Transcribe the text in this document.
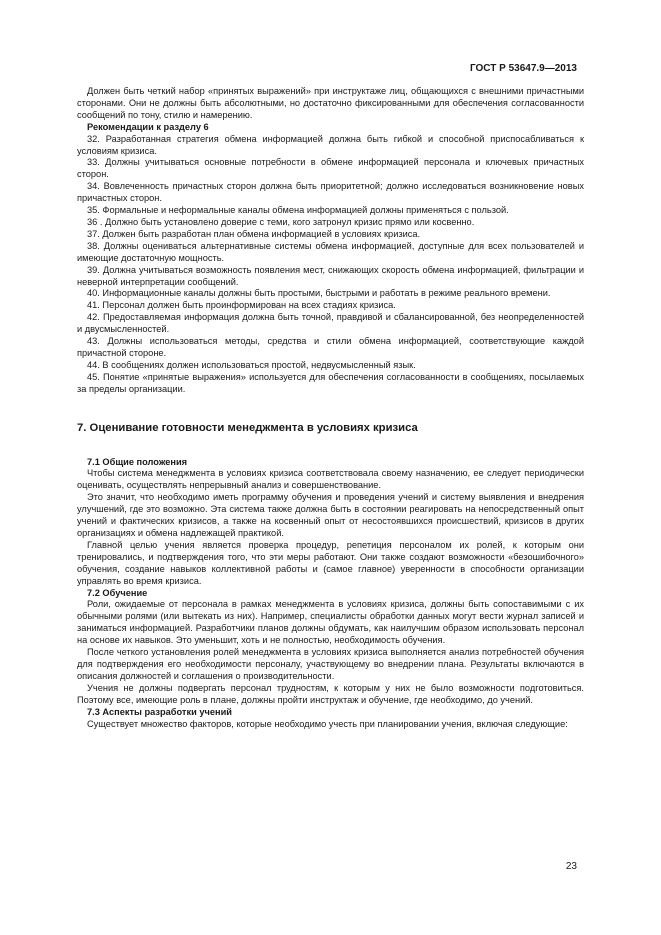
ГОСТ Р 53647.9—2013

Должен быть четкий набор «принятых выражений» при инструктаже лиц, общающихся с внешними причастными сторонами. Они не должны быть абсолютными, но достаточно фиксированными для обеспечения согласованности сообщений по тону, стилю и намерению.

Рекомендации к разделу 6

32. Разработанная стратегия обмена информацией должна быть гибкой и способной приспосабливаться к условиям кризиса.

33. Должны учитываться основные потребности в обмене информацией персонала и ключевых причастных сторон.

34. Вовлеченность причастных сторон должна быть приоритетной; должно исследоваться возникновение новых причастных сторон.

35. Формальные и неформальные каналы обмена информацией должны применяться с пользой.

36 . Должно быть установлено доверие с теми, кого затронул кризис прямо или косвенно.

37. Должен быть разработан план обмена информацией в условиях кризиса.

38. Должны оцениваться альтернативные системы обмена информацией, доступные для всех пользователей и имеющие достаточную мощность.

39. Должна учитываться возможность появления мест, снижающих скорость обмена информацией, фильтрации и неверной интерпретации сообщений.

40. Информационные каналы должны быть простыми, быстрыми и работать в режиме реального времени.

41. Персонал должен быть проинформирован на всех стадиях кризиса.

42. Предоставляемая информация должна быть точной, правдивой и сбалансированной, без неопределенностей и двусмысленностей.

43. Должны использоваться методы, средства и стили обмена информацией, соответствующие каждой причастной стороне.

44. В сообщениях должен использоваться простой, недвусмысленный язык.

45. Понятие «принятые выражения» используется для обеспечения согласованности в сообщениях, посылаемых за пределы организации.

7. Оценивание готовности менеджмента в условиях кризиса

7.1 Общие положения

Чтобы система менеджмента в условиях кризиса соответствовала своему назначению, ее следует периодически оценивать, осуществлять непрерывный анализ и совершенствование.

Это значит, что необходимо иметь программу обучения и проведения учений и систему выявления и внедрения улучшений, где это возможно. Эта система также должна быть в состоянии реагировать на непосредственный опыт учений и фактических кризисов, а также на косвенный опыт от несостоявшихся происшествий, кризисов в других организациях и обмена надлежащей практикой.

Главной целью учения является проверка процедур, репетиция персоналом их ролей, к которым они тренировались, и подтверждения того, что эти меры работают. Они также создают возможности «безошибочного» обучения, создание навыков коллективной работы и (самое главное) уверенности в способности организации управлять во время кризиса.

7.2 Обучение

Роли, ожидаемые от персонала в рамках менеджмента в условиях кризиса, должны быть сопоставимыми с их обычными ролями (или вытекать из них). Например, специалисты обработки данных могут вести журнал записей и заниматься информацией. Разработчики планов должны обдумать, как наилучшим образом использовать персонал на основе их навыков. Это уменьшит, хоть и не полностью, необходимость обучения.

После четкого установления ролей менеджмента в условиях кризиса выполняется анализ потребностей обучения для подтверждения его необходимости персоналу, участвующему во внедрении плана. Результаты включаются в описания должностей и соглашения о производительности.

Учения не должны подвергать персонал трудностям, к которым у них не было возможности подготовиться. Поэтому все, имеющие роль в плане, должны пройти инструктаж и обучение, где необходимо, до учений.

7.3 Аспекты разработки учений

Существует множество факторов, которые необходимо учесть при планировании учения, включая следующие:

23
